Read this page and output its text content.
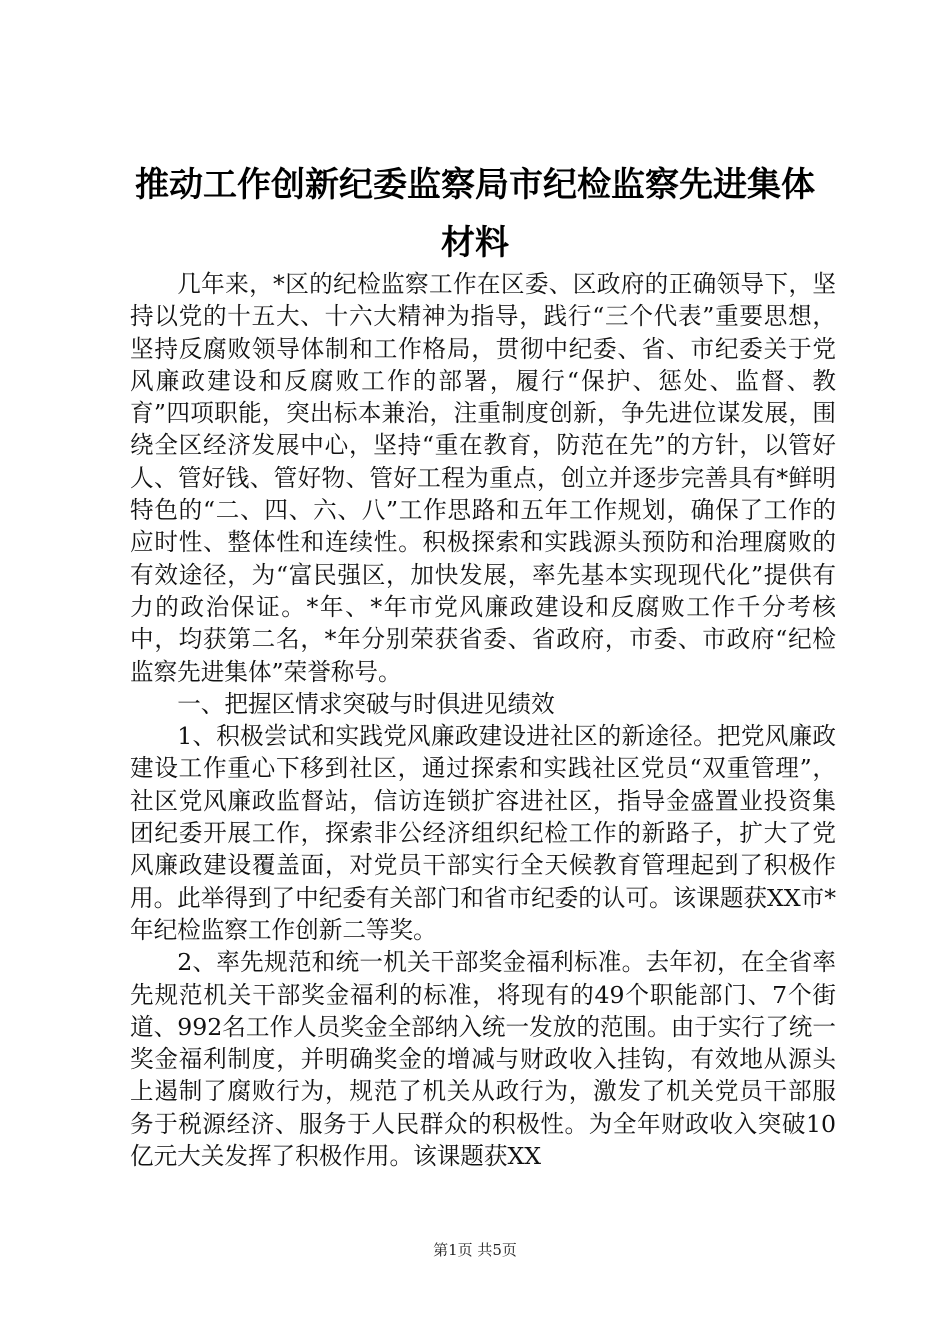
推动工作创新纪委监察局市纪检监察先进集体
材料

几年来，*区的纪检监察工作在区委、区政府的正确领导下，坚持以党的十五大、十六大精神为指导，践行“三个代表”重要思想，坚持反腐败领导体制和工作格局，贯彻中纪委、省、市纪委关于党风廉政建设和反腐败工作的部署，履行“保护、惩处、监督、教育”四项职能，突出标本兼治，注重制度创新，争先进位谋发展，围绕全区经济发展中心，坚持“重在教育，防范在先”的方针，以管好人、管好钱、管好物、管好工程为重点，创立并逐步完善具有*鲜明特色的“二、四、六、八”工作思路和五年工作规划，确保了工作的应时性、整体性和连续性。积极探索和实践源头预防和治理腐败的有效途径，为“富民强区，加快发展，率先基本实现现代化”提供有力的政治保证。*年、*年市党风廉政建设和反腐败工作千分考核中，均获第二名，*年分别荣获省委、省政府，市委、市政府“纪检监察先进集体”荣誉称号。

一、把握区情求突破与时俱进见绩效

1、积极尝试和实践党风廉政建设进社区的新途径。把党风廉政建设工作重心下移到社区，通过探索和实践社区党员“双重管理”，社区党风廉政监督站，信访连锁扩容进社区，指导金盛置业投资集团纪委开展工作，探索非公经济组织纪检工作的新路子，扩大了党风廉政建设覆盖面，对党员干部实行全天候教育管理起到了积极作用。此举得到了中纪委有关部门和省市纪委的认可。该课题获XX市*年纪检监察工作创新二等奖。

2、率先规范和统一机关干部奖金福利标准。去年初，在全省率先规范机关干部奖金福利的标准，将现有的49个职能部门、7个街道、992名工作人员奖金全部纳入统一发放的范围。由于实行了统一奖金福利制度，并明确奖金的增减与财政收入挂钩，有效地从源头上遏制了腐败行为，规范了机关从政行为，激发了机关党员干部服务于税源经济、服务于人民群众的积极性。为全年财政收入突破10亿元大关发挥了积极作用。该课题获XX

第1页 共5页
